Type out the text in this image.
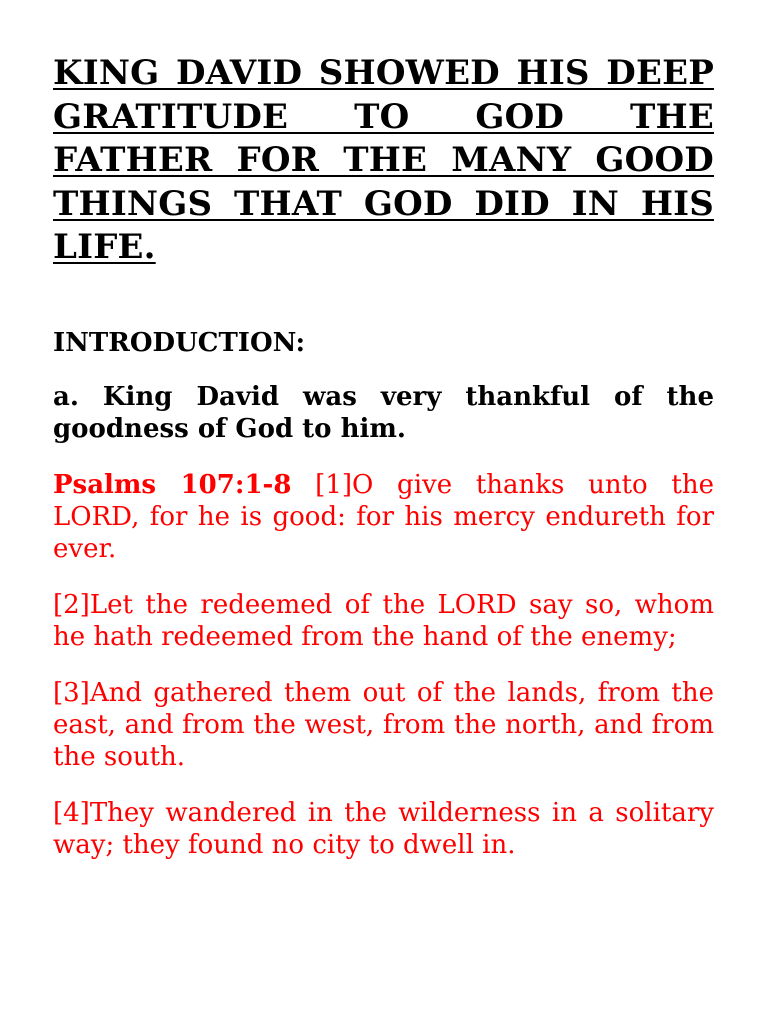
KING DAVID SHOWED HIS DEEP GRATITUDE TO GOD THE FATHER FOR THE MANY GOOD THINGS THAT GOD DID IN HIS LIFE.

INTRODUCTION:

a. King David was very thankful of the goodness of God to him.

Psalms 107:1-8 [1]O give thanks unto the LORD, for he is good: for his mercy endureth for ever.

[2]Let the redeemed of the LORD say so, whom he hath redeemed from the hand of the enemy;

[3]And gathered them out of the lands, from the east, and from the west, from the north, and from the south.

[4]They wandered in the wilderness in a solitary way; they found no city to dwell in.
